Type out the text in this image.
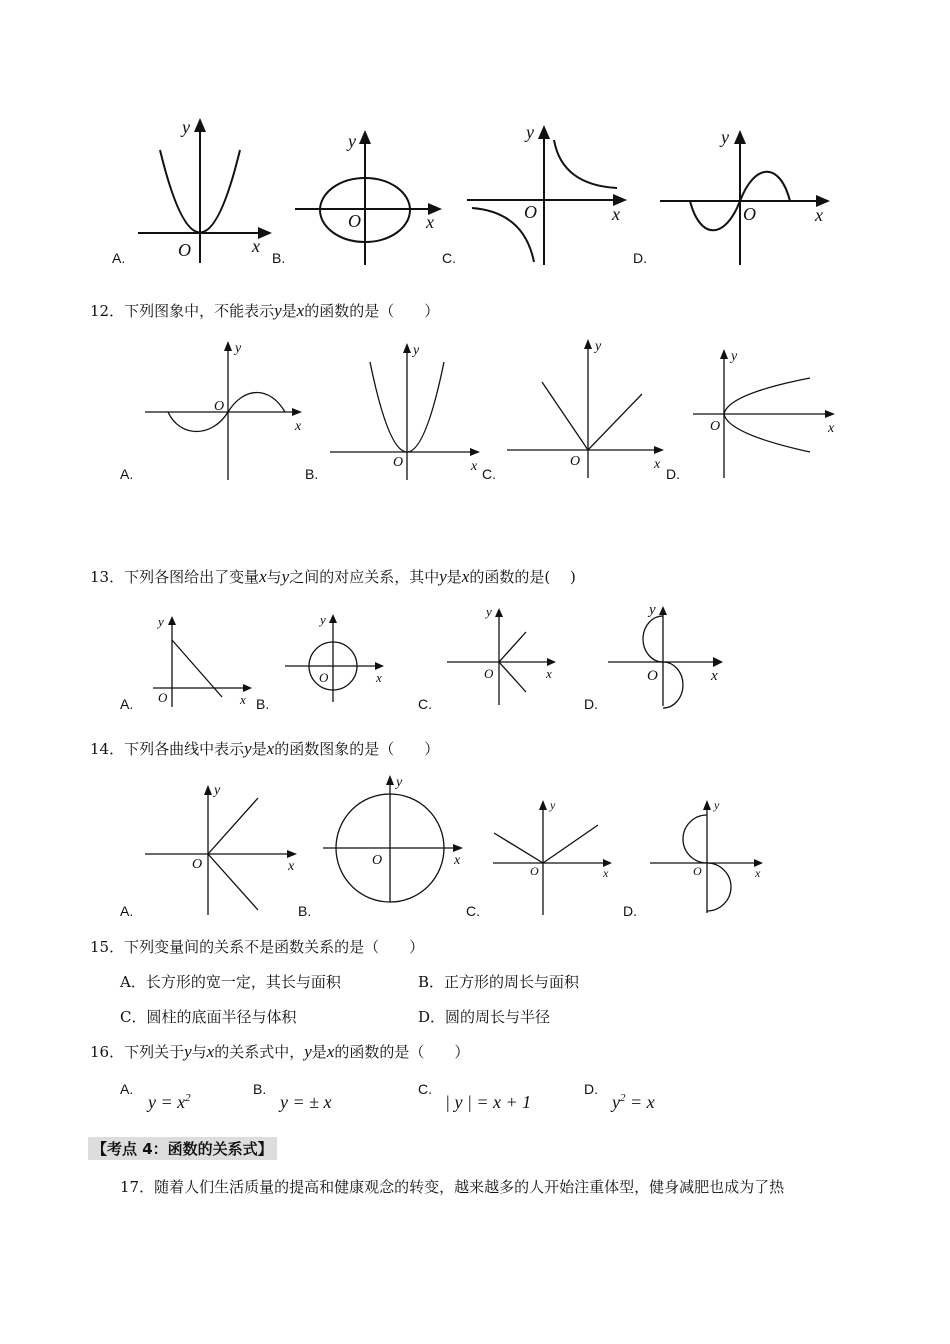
y
x
O
A.
y
x
O
B.
y
x
O
C.
y
x
O
D.
12．下列图象中，不能表示y是x的函数的是（　　）
y
x
O
A.
y
x
O
B.
y
x
O
C.
y
x
O
D.
13．下列各图给出了变量x与y之间的对应关系，其中y是x的函数的是(　 )
y
x
O
A.
y
x
O
B.
y
x
O
C.
y
x
O
D.
14．下列各曲线中表示y是x的函数图象的是（　　）
y
x
O
A.
y
x
O
B.
y
x
O
C.
y
x
O
D.
15．下列变量间的关系不是函数关系的是（　　）
A．长方形的宽一定，其长与面积	B．正方形的周长与面积
C．圆柱的底面半径与体积	D．圆的周长与半径
16．下列关于y与x的关系式中，y是x的函数的是（　　）
A.
$y = x^2$
B.
y = ± x
C.
| y | = x + 1
D.
$y^2 = x$
【考点 4：函数的关系式】
17．随着人们生活质量的提高和健康观念的转变，越来越多的人开始注重体型，健身减肥也成为了热
